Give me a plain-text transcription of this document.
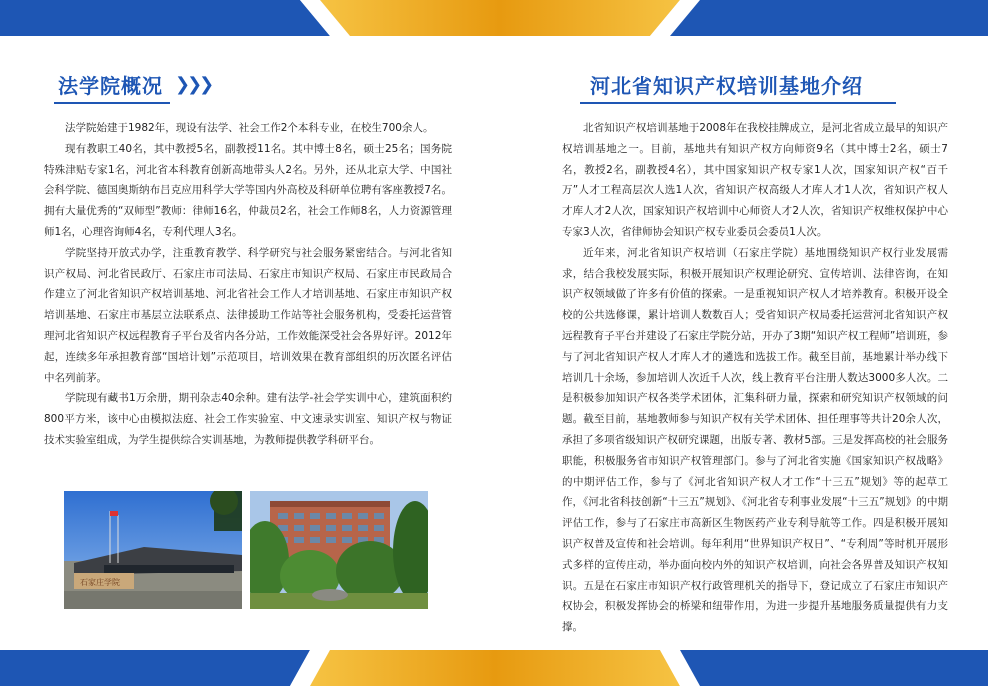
法学院概况 ❯❯❯

法学院始建于1982年，现设有法学、社会工作2个本科专业，在校生700余人。

现有教职工40名，其中教授5名，副教授11名。其中博士8名，硕士25名；国务院特殊津贴专家1名，河北省本科教育创新高地带头人2名。另外，还从北京大学、中国社会科学院、德国奥斯纳布吕克应用科学大学等国内外高校及科研单位聘有客座教授7名。拥有大量优秀的“双师型”教师：律师16名，仲裁员2名，社会工作师8名，人力资源管理师1名，心理咨询师4名，专利代理人3名。

学院坚持开放式办学，注重教育教学、科学研究与社会服务紧密结合。与河北省知识产权局、河北省民政厅、石家庄市司法局、石家庄市知识产权局、石家庄市民政局合作建立了河北省知识产权培训基地、河北省社会工作人才培训基地、石家庄市知识产权培训基地、石家庄市基层立法联系点、法律援助工作站等社会服务机构，受委托运营管理河北省知识产权远程教育子平台及省内各分站，工作效能深受社会各界好评。2012年起，连续多年承担教育部“国培计划”示范项目，培训效果在教育部组织的历次匿名评估中名列前茅。

学院现有藏书1万余册，期刊杂志40余种。建有法学-社会学实训中心，建筑面积约800平方米，该中心由模拟法庭、社会工作实验室、中文速录实训室、知识产权与物证技术实验室组成，为学生提供综合实训基地，为教师提供教学科研平台。

石家庄学院
河北省知识产权培训基地介绍

北省知识产权培训基地于2008年在我校挂牌成立，是河北省成立最早的知识产权培训基地之一。目前，基地共有知识产权方向师资9名（其中博士2名，硕士7名，教授2名，副教授4名），其中国家知识产权专家1人次，国家知识产权“百千万”人才工程高层次人选1人次，省知识产权高级人才库人才1人次，省知识产权人才库人才2人次，国家知识产权培训中心师资人才2人次，省知识产权维权保护中心专家3人次，省律师协会知识产权专业委员会委员1人次。

近年来，河北省知识产权培训（石家庄学院）基地围绕知识产权行业发展需求，结合我校发展实际，积极开展知识产权理论研究、宣传培训、法律咨询，在知识产权领域做了许多有价值的探索。一是重视知识产权人才培养教育。积极开设全校的公共选修课，累计培训人数数百人；受省知识产权局委托运营河北省知识产权远程教育子平台并建设了石家庄学院分站，开办了3期“知识产权工程师”培训班，参与了河北省知识产权人才库人才的遴选和选拔工作。截至目前，基地累计举办线下培训几十余场，参加培训人次近千人次，线上教育平台注册人数达3000多人次。二是积极参加知识产权各类学术团体，汇集科研力量，探索和研究知识产权领域的问题。截至目前，基地教师参与知识产权有关学术团体、担任理事等共计20余人次，承担了多项省级知识产权研究课题，出版专著、教材5部。三是发挥高校的社会服务职能，积极服务省市知识产权管理部门。参与了河北省实施《国家知识产权战略》的中期评估工作，参与了《河北省知识产权人才工作“十三五”规划》等的起草工作，《河北省科技创新“十三五”规划》、《河北省专利事业发展“十三五”规划》的中期评估工作，参与了石家庄市高新区生物医药产业专利导航等工作。四是积极开展知识产权普及宣传和社会培训。每年利用“世界知识产权日”、“专利周”等时机开展形式多样的宣传庄动，举办面向校内外的知识产权培训，向社会各界普及知识产权知识。五是在石家庄市知识产权行政管理机关的指导下，登记成立了石家庄市知识产权协会，积极发挥协会的桥梁和纽带作用，为进一步提升基地服务质量提供有力支撑。
